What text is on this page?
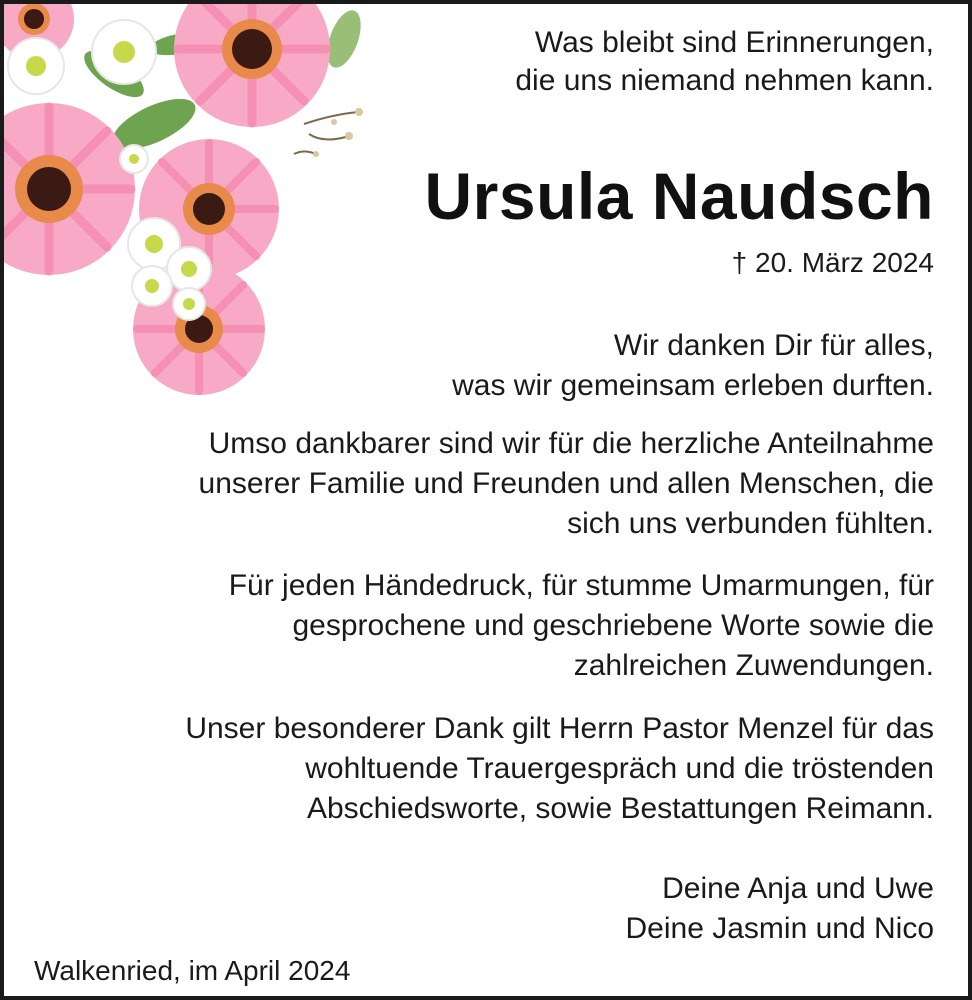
Was bleibt sind Erinnerungen,
die uns niemand nehmen kann.
Ursula Naudsch
† 20. März 2024
Wir danken Dir für alles,
was wir gemeinsam erleben durften.
Umso dankbarer sind wir für die herzliche Anteilnahme
unserer Familie und Freunden und allen Menschen, die
sich uns verbunden fühlten.
Für jeden Händedruck, für stumme Umarmungen, für
gesprochene und geschriebene Worte sowie die
zahlreichen Zuwendungen.
Unser besonderer Dank gilt Herrn Pastor Menzel für das
wohltuende Trauergespräch und die tröstenden
Abschiedsworte, sowie Bestattungen Reimann.
Deine Anja und Uwe
Deine Jasmin und Nico
Walkenried, im April 2024
